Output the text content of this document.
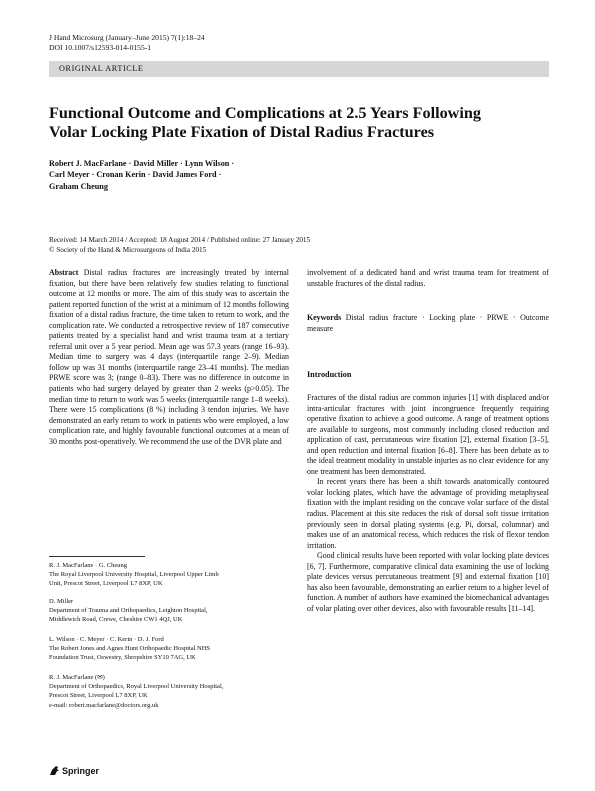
J Hand Microsurg (January–June 2015) 7(1):18–24
DOI 10.1007/s12593-014-0155-1
ORIGINAL ARTICLE
Functional Outcome and Complications at 2.5 Years Following
Volar Locking Plate Fixation of Distal Radius Fractures
Robert J. MacFarlane · David Miller · Lynn Wilson ·
Carl Meyer · Cronan Kerin · David James Ford ·
Graham Cheung
Received: 14 March 2014 / Accepted: 18 August 2014 / Published online: 27 January 2015
© Society of the Hand & Microsurgeons of India 2015

Abstract Distal radius fractures are increasingly treated by internal fixation, but there have been relatively few studies relating to functional outcome at 12 months or more. The aim of this study was to ascertain the patient reported function of the wrist at a minimum of 12 months following fixation of a distal radius fracture, the time taken to return to work, and the complication rate. We conducted a retrospective review of 187 consecutive patients treated by a specialist hand and wrist trauma team at a tertiary referral unit over a 5 year period. Mean age was 57.3 years (range 16–93). Median time to surgery was 4 days (interquartile range 2–9). Median follow up was 31 months (interquartile range 23–41 months). The median PRWE score was 3; (range 0–83). There was no difference in outcome in patients who had surgery delayed by greater than 2 weeks (p>0.05). The median time to return to work was 5 weeks (interquartile range 1–8 weeks). There were 15 complications (8 %) including 3 tendon injuries. We have demonstrated an early return to work in patients who were employed, a low complication rate, and highly favourable functional outcomes at a mean of 30 months post-operatively. We recommend the use of the DVR plate and

involvement of a dedicated hand and wrist trauma team for treatment of unstable fractures of the distal radius.

Keywords Distal radius fracture · Locking plate · PRWE · Outcome measure

Introduction

Fractures of the distal radius are common injuries [1] with displaced and/or intra-articular fractures with joint incongruence frequently requiring operative fixation to achieve a good outcome. A range of treatment options are available to surgeons, most commonly including closed reduction and application of cast, percutaneous wire fixation [2], external fixation [3–5], and open reduction and internal fixation [6–8]. There has been debate as to the ideal treatment modality in unstable injuries as no clear evidence for any one treatment has been demonstrated.

In recent years there has been a shift towards anatomically contoured volar locking plates, which have the advantage of providing metaphyseal fixation with the implant residing on the concave volar surface of the distal radius. Placement at this site reduces the risk of dorsal soft tissue irritation previously seen in dorsal plating systems (e.g. Pi, dorsal, columnar) and makes use of an anatomical recess, which reduces the risk of flexor tendon irritation.

Good clinical results have been reported with volar locking plate devices [6, 7]. Furthermore, comparative clinical data examining the use of locking plate devices versus percutaneous treatment [9] and external fixation [10] has also been favourable, demonstrating an earlier return to a higher level of function. A number of authors have examined the biomechanical advantages of volar plating over other devices, also with favourable results [11–14].

R. J. MacFarlane · G. Cheung
The Royal Liverpool University Hospital, Liverpool Upper Limb
Unit, Prescot Street, Liverpool L7 8XP, UK
D. Miller
Department of Trauma and Orthopaedics, Leighton Hospital,
Middlewich Road, Crewe, Cheshire CW1 4QJ, UK
L. Wilson · C. Meyer · C. Kerin · D. J. Ford
The Robert Jones and Agnes Hunt Orthopaedic Hospital NHS
Foundation Trust, Oswestry, Shropshire SY10 7AG, UK
R. J. MacFarlane (✉)
Department of Orthopaedics, Royal Liverpool University Hospital,
Prescot Street, Liverpool L7 8XP, UK
e-mail: robert.macfarlane@doctors.org.uk
Springer
